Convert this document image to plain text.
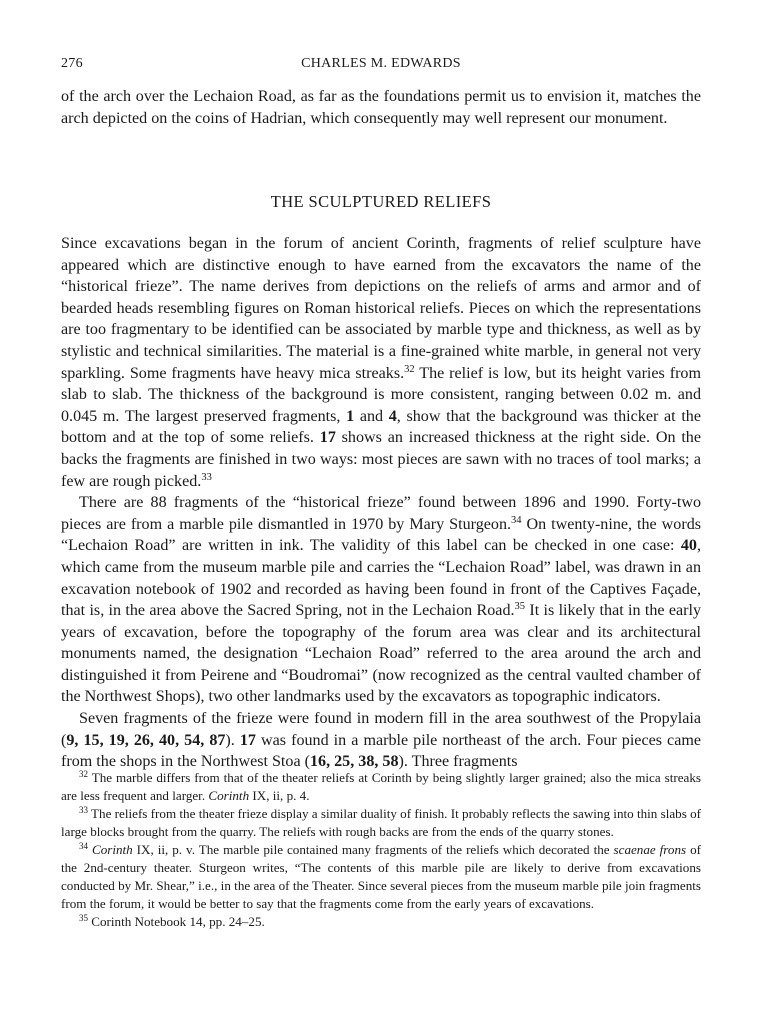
276	CHARLES M. EDWARDS

of the arch over the Lechaion Road, as far as the foundations permit us to envision it, matches the arch depicted on the coins of Hadrian, which consequently may well represent our monument.

THE SCULPTURED RELIEFS

Since excavations began in the forum of ancient Corinth, fragments of relief sculpture have appeared which are distinctive enough to have earned from the excavators the name of the “historical frieze”. The name derives from depictions on the reliefs of arms and armor and of bearded heads resembling figures on Roman historical reliefs. Pieces on which the representations are too fragmentary to be identified can be associated by marble type and thickness, as well as by stylistic and technical similarities. The material is a fine-grained white marble, in general not very sparkling. Some fragments have heavy mica streaks.$^{32}$ The relief is low, but its height varies from slab to slab. The thickness of the background is more consistent, ranging between 0.02 m. and 0.045 m. The largest preserved fragments, 1 and 4, show that the background was thicker at the bottom and at the top of some reliefs. 17 shows an increased thickness at the right side. On the backs the fragments are finished in two ways: most pieces are sawn with no traces of tool marks; a few are rough picked.$^{33}$

There are 88 fragments of the “historical frieze” found between 1896 and 1990. Forty-two pieces are from a marble pile dismantled in 1970 by Mary Sturgeon.$^{34}$ On twenty-nine, the words “Lechaion Road” are written in ink. The validity of this label can be checked in one case: 40, which came from the museum marble pile and carries the “Lechaion Road” label, was drawn in an excavation notebook of 1902 and recorded as having been found in front of the Captives Façade, that is, in the area above the Sacred Spring, not in the Lechaion Road.$^{35}$ It is likely that in the early years of excavation, before the topography of the forum area was clear and its architectural monuments named, the designation “Lechaion Road” referred to the area around the arch and distinguished it from Peirene and “Boudromai” (now recognized as the central vaulted chamber of the Northwest Shops), two other landmarks used by the excavators as topographic indicators.

Seven fragments of the frieze were found in modern fill in the area southwest of the Propylaia (9, 15, 19, 26, 40, 54, 87). 17 was found in a marble pile northeast of the arch. Four pieces came from the shops in the Northwest Stoa (16, 25, 38, 58). Three fragments

$^{32}$ The marble differs from that of the theater reliefs at Corinth by being slightly larger grained; also the mica streaks are less frequent and larger. Corinth IX, ii, p. 4.

$^{33}$ The reliefs from the theater frieze display a similar duality of finish. It probably reflects the sawing into thin slabs of large blocks brought from the quarry. The reliefs with rough backs are from the ends of the quarry stones.

$^{34}$ Corinth IX, ii, p. v. The marble pile contained many fragments of the reliefs which decorated the scaenae frons of the 2nd-century theater. Sturgeon writes, “The contents of this marble pile are likely to derive from excavations conducted by Mr. Shear,” i.e., in the area of the Theater. Since several pieces from the museum marble pile join fragments from the forum, it would be better to say that the fragments come from the early years of excavations.

$^{35}$ Corinth Notebook 14, pp. 24–25.
